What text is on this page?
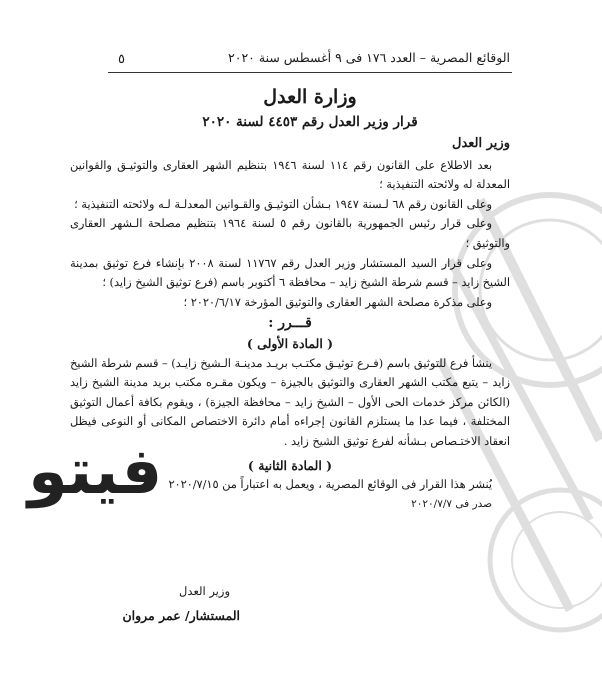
فيتو
الوقائع المصرية – العدد ١٧٦ فى ٩ أغسطس سنة ٢٠٢٠
٥
وزارة العدل
قرار وزير العدل رقم ٤٤٥٣ لسنة ٢٠٢٠

وزير العدل

بعد الاطلاع على القانون رقم ١١٤ لسنة ١٩٤٦ بتنظيم الشهر العقارى والتوثيـق والقوانين المعدلة له ولائحته التنفيذية ؛

وعلى القانون رقم ٦٨ لـسنة ١٩٤٧ بـشأن التوثيـق والقـوانين المعدلـة لـه ولائحته التنفيذية ؛

وعلى قرار رئيس الجمهورية بالقانون رقم ٥ لسنة ١٩٦٤ بتنظيم مصلحة الـشهر العقارى والتوثيق ؛

وعلى قرار السيد المستشار وزير العدل رقم ١١٧٦٧ لسنة ٢٠٠٨ بإنشاء فرع توثيق بمدينة الشيخ زايد – قسم شرطة الشيخ زايد – محافظة ٦ أكتوبر باسم (فرع توثيق الشيخ زايد) ؛

وعلى مذكرة مصلحة الشهر العقارى والتوثيق المؤرخة ٢٠٢٠/٦/١٧ ؛

قـــرر :

( المادة الأولى )

ينشأ فرع للتوثيق باسم (فـرع توثيـق مكتـب بريـد مدينـة الـشيخ زايـد) – قسم شرطة الشيخ زايد – يتبع مكتب الشهر العقارى والتوثيق بالجيزة – ويكون مقـره مكتب بريد مدينة الشيخ زايد (الكائن مركز خدمات الحى الأول – الشيخ زايد – محافظة الجيزة) ، ويقوم بكافة أعمال التوثيق المختلفة ، فيما عدا ما يستلزم القانون إجراءه أمام دائرة الاختصاص المكانى أو النوعى فيظل انعقاد الاختـصاص بـشأنه لفرع توثيق الشيخ زايد .

( المادة الثانية )

يُنشر هذا القرار فى الوقائع المصرية ، ويعمل به اعتباراً من ٢٠٢٠/٧/١٥

صدر فى ٢٠٢٠/٧/٧

وزير العدل
المستشار/ عمر مروان
